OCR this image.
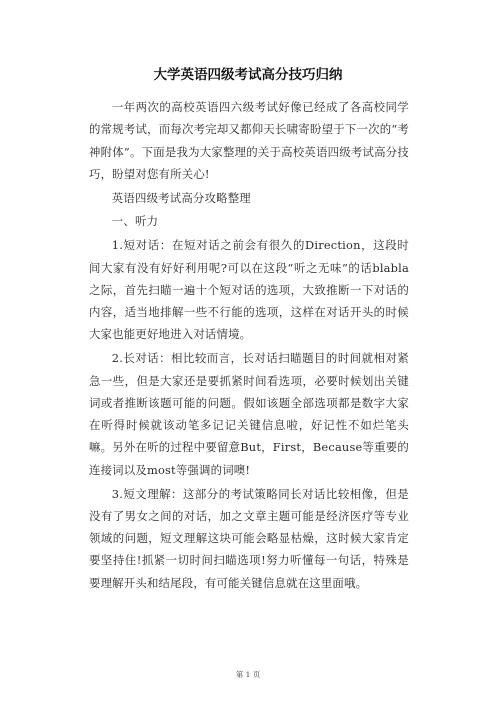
大学英语四级考试高分技巧归纳

一年两次的高校英语四六级考试好像已经成了各高校同学的常规考试，而每次考完却又都仰天长啸寄盼望于下一次的“考神附体”。下面是我为大家整理的关于高校英语四级考试高分技巧，盼望对您有所关心!

英语四级考试高分攻略整理

一、听力

1.短对话：在短对话之前会有很久的Direction，这段时间大家有没有好好利用呢?可以在这段“听之无味”的话blabla之际，首先扫瞄一遍十个短对话的选项，大致推断一下对话的内容，适当地排解一些不行能的选项，这样在对话开头的时候大家也能更好地进入对话情境。

2.长对话：相比较而言，长对话扫瞄题目的时间就相对紧急一些，但是大家还是要抓紧时间看选项，必要时候划出关键词或者推断该题可能的问题。假如该题全部选项都是数字大家在听得时候就该动笔多记记关键信息啦，好记性不如烂笔头嘛。另外在听的过程中要留意But，First，Because等重要的连接词以及most等强调的词噢!

3.短文理解：这部分的考试策略同长对话比较相像，但是没有了男女之间的对话，加之文章主题可能是经济医疗等专业领域的问题，短文理解这块可能会略显枯燥，这时候大家肯定要坚持住!抓紧一切时间扫瞄选项!努力听懂每一句话，特殊是要理解开头和结尾段，有可能关键信息就在这里面哦。

第 1 页
